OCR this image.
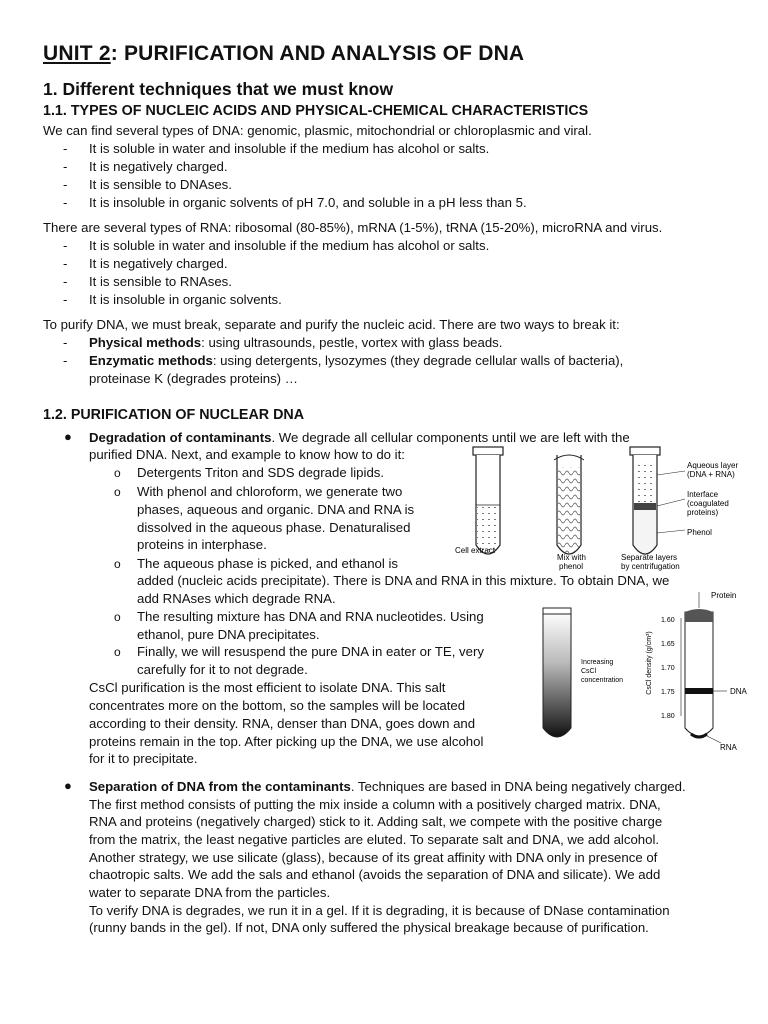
UNIT 2: PURIFICATION AND ANALYSIS OF DNA
1. Different techniques that we must know
1.1. TYPES OF NUCLEIC ACIDS AND PHYSICAL-CHEMICAL CHARACTERISTICS
We can find several types of DNA: genomic, plasmic, mitochondrial or chloroplasmic and viral.
- It is soluble in water and insoluble if the medium has alcohol or salts.
- It is negatively charged.
- It is sensible to DNAses.
- It is insoluble in organic solvents of pH 7.0, and soluble in a pH less than 5.
There are several types of RNA: ribosomal (80-85%), mRNA (1-5%), tRNA (15-20%), microRNA and virus.
- It is soluble in water and insoluble if the medium has alcohol or salts.
- It is negatively charged.
- It is sensible to RNAses.
- It is insoluble in organic solvents.
To purify DNA, we must break, separate and purify the nucleic acid. There are two ways to break it:
- Physical methods: using ultrasounds, pestle, vortex with glass beads.
- Enzymatic methods: using detergents, lysozymes (they degrade cellular walls of bacteria),
proteinase K (degrades proteins) …
1.2. PURIFICATION OF NUCLEAR DNA
● Degradation of contaminants. We degrade all cellular components until we are left with the
purified DNA. Next, and example to know how to do it:
o Detergents Triton and SDS degrade lipids.
o With phenol and chloroform, we generate two
phases, aqueous and organic. DNA and RNA is
dissolved in the aqueous phase. Denaturalised
proteins in interphase.
o The aqueous phase is picked, and ethanol is
added (nucleic acids precipitate). There is DNA and RNA in this mixture. To obtain DNA, we
add RNAses which degrade RNA.
o The resulting mixture has DNA and RNA nucleotides. Using
ethanol, pure DNA precipitates.
o Finally, we will resuspend the pure DNA in eater or TE, very
carefully for it to not degrade.
CsCl purification is the most efficient to isolate DNA. This salt
concentrates more on the bottom, so the samples will be located
according to their density. RNA, denser than DNA, goes down and
proteins remain in the top. After picking up the DNA, we use alcohol
for it to precipitate.
● Separation of DNA from the contaminants. Techniques are based in DNA being negatively charged.
The first method consists of putting the mix inside a column with a positively charged matrix. DNA,
RNA and proteins (negatively charged) stick to it. Adding salt, we compete with the positive charge
from the matrix, the least negative particles are eluted. To separate salt and DNA, we add alcohol.
Another strategy, we use silicate (glass), because of its great affinity with DNA only in presence of
chaotropic salts. We add the sals and ethanol (avoids the separation of DNA and silicate). We add
water to separate DNA from the particles.
To verify DNA is degrades, we run it in a gel. If it is degrading, it is because of DNase contamination
(runny bands in the gel). If not, DNA only suffered the physical breakage because of purification.
Cell extract
Mix with
phenol
Separate layers
by centrifugation
Aqueous layer
(DNA + RNA)
Interface
(coagulated
proteins)
Phenol
Increasing
CsCl
concentration
Protein
DNA
RNA
CsCl density (g/cm³)
1.60
1.65
1.70
1.75
1.80
